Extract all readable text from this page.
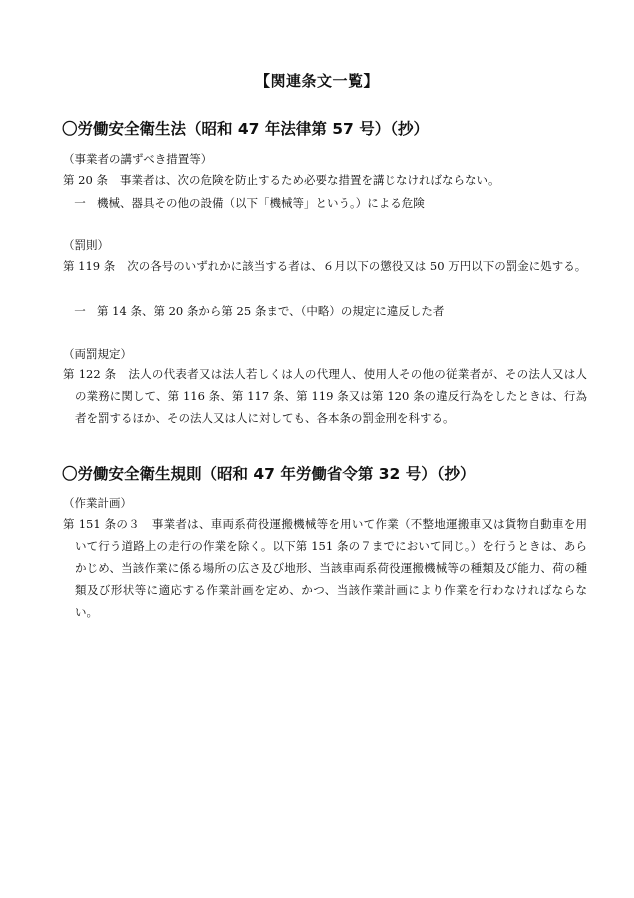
【関連条文一覧】
〇労働安全衛生法（昭和 47 年法律第 57 号）（抄）
（事業者の講ずべき措置等）
第 20 条 事業者は、次の危険を防止するため必要な措置を講じなければならない。
一 機械、器具その他の設備（以下「機械等」という。）による危険
（罰則）
第 119 条 次の各号のいずれかに該当する者は、６月以下の懲役又は 50 万円以下の罰金に処する。
一 第 14 条、第 20 条から第 25 条まで、（中略）の規定に違反した者
（両罰規定）
第 122 条 法人の代表者又は法人若しくは人の代理人、使用人その他の従業者が、その法人又は人の業務に関して、第 116 条、第 117 条、第 119 条又は第 120 条の違反行為をしたときは、行為者を罰するほか、その法人又は人に対しても、各本条の罰金刑を科する。
〇労働安全衛生規則（昭和 47 年労働省令第 32 号）（抄）
（作業計画）
第 151 条の３ 事業者は、車両系荷役運搬機械等を用いて作業（不整地運搬車又は貨物自動車を用いて行う道路上の走行の作業を除く。以下第 151 条の７までにおいて同じ。）を行うときは、あらかじめ、当該作業に係る場所の広さ及び地形、当該車両系荷役運搬機械等の種類及び能力、荷の種類及び形状等に適応する作業計画を定め、かつ、当該作業計画により作業を行わなければならない。
